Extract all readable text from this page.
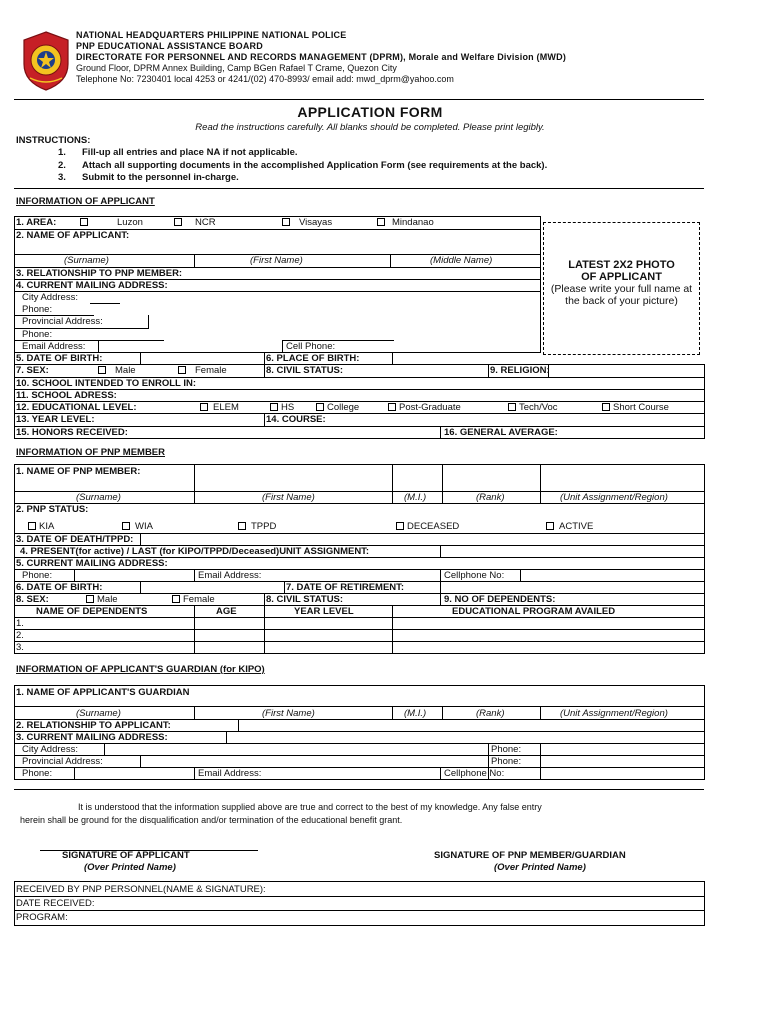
NATIONAL HEADQUARTERS PHILIPPINE NATIONAL POLICE
PNP EDUCATIONAL ASSISTANCE BOARD
DIRECTORATE FOR PERSONNEL AND RECORDS MANAGEMENT (DPRM), Morale and Welfare Division (MWD)
Ground Floor, DPRM Annex Building, Camp BGen Rafael T Crame, Quezon City
Telephone No: 7230401 local 4253 or 4241/(02) 470-8993/ email add: mwd_dprm@yahoo.com
APPLICATION FORM
Read the instructions carefully. All blanks should be completed. Please print legibly.
INSTRUCTIONS:
1. Fill-up all entries and place NA if not applicable.
2. Attach all supporting documents in the accomplished Application Form (see requirements at the back).
3. Submit to the personnel in-charge.
INFORMATION OF APPLICANT
1. AREA:	Luzon	NCR	Visayas	Mindanao
2. NAME OF APPLICANT:
(Surname)	(First Name)	(Middle Name)
3. RELATIONSHIP TO PNP MEMBER:
4. CURRENT MAILING ADDRESS:
City Address:
Phone:
Provincial Address:
Phone:
Email Address:	Cell Phone:
5. DATE OF BIRTH:	6. PLACE OF BIRTH:
7. SEX:	Male	Female	8. CIVIL STATUS:	9. RELIGION:
10. SCHOOL INTENDED TO ENROLL IN:
11. SCHOOL ADRESS:
12. EDUCATIONAL LEVEL:	ELEM	HS	College	Post-Graduate	Tech/Voc	Short Course
13. YEAR LEVEL:	14. COURSE:
15. HONORS RECEIVED:	16. GENERAL AVERAGE:
LATEST 2X2 PHOTO
OF APPLICANT
(Please write your full name at the back of your picture)
INFORMATION OF PNP MEMBER
1. NAME OF PNP MEMBER:
(Surname)	(First Name)	(M.I.)	(Rank)	(Unit Assignment/Region)
2. PNP STATUS:
KIA	WIA	TPPD	DECEASED	ACTIVE
3. DATE OF DEATH/TPPD:
4. PRESENT(for active) / LAST (for KIPO/TPPD/Deceased)UNIT ASSIGNMENT:
5. CURRENT MAILING ADDRESS:
Phone:	Email Address:	Cellphone No:
6. DATE OF BIRTH:	7. DATE OF RETIREMENT:
8. SEX:	Male	Female	8. CIVIL STATUS:	9. NO OF DEPENDENTS:
NAME OF DEPENDENTS	AGE	YEAR LEVEL	EDUCATIONAL PROGRAM AVAILED
1.
2.
3.
INFORMATION OF APPLICANT'S GUARDIAN (for KIPO)
1. NAME OF APPLICANT'S GUARDIAN
(Surname)	(First Name)	(M.I.)	(Rank)	(Unit Assignment/Region)
2. RELATIONSHIP TO APPLICANT:
3. CURRENT MAILING ADDRESS:
City Address:	Phone:
Provincial Address:	Phone:
Phone:	Email Address:	Cellphone No:
It is understood that the information supplied above are true and correct to the best of my knowledge. Any false entry
herein shall be ground for the disqualification and/or termination of the educational benefit grant.
SIGNATURE OF APPLICANT
(Over Printed Name)
SIGNATURE OF PNP MEMBER/GUARDIAN
(Over Printed Name)
RECEIVED BY PNP PERSONNEL(NAME & SIGNATURE):
DATE RECEIVED:
PROGRAM:
